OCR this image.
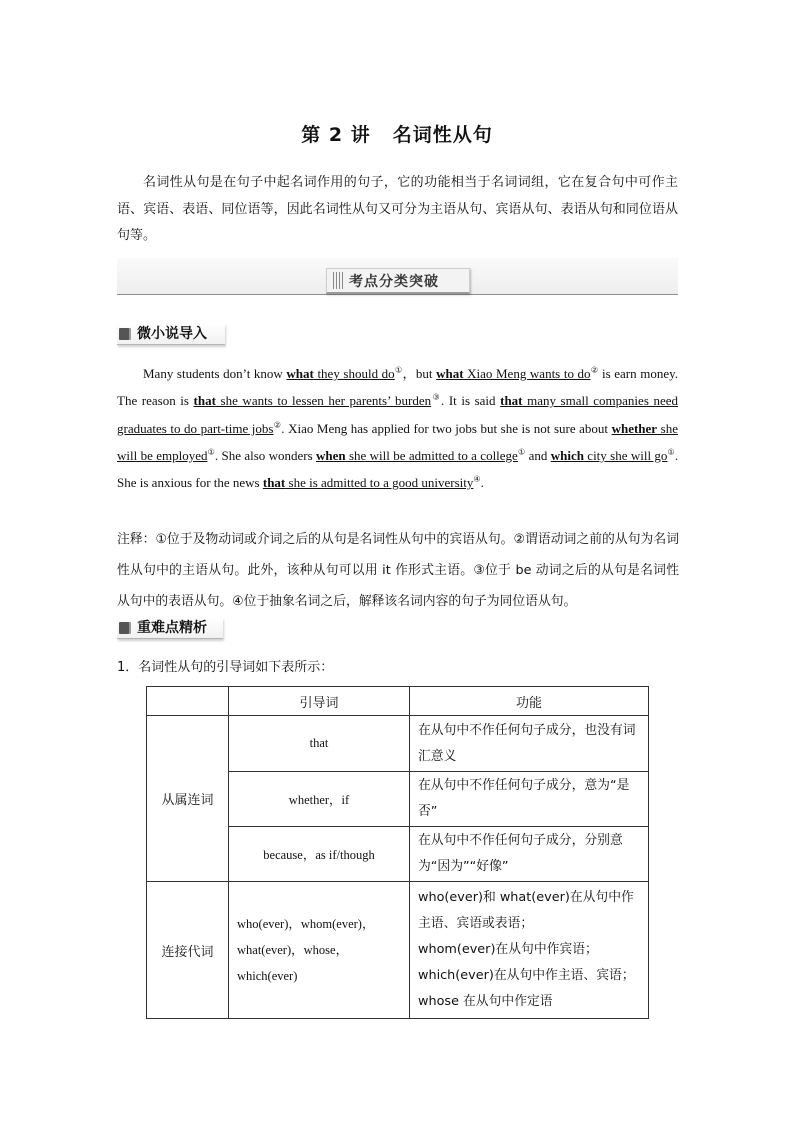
第 2 讲 名词性从句
名词性从句是在句子中起名词作用的句子，它的功能相当于名词词组，它在复合句中可作主语、宾语、表语、同位语等，因此名词性从句又可分为主语从句、宾语从句、表语从句和同位语从句等。
考点分类突破
微小说导入
Many students don’t know what they should do①，but what Xiao Meng wants to do② is earn money. The reason is that she wants to lessen her parents’ burden③. It is said that many small companies need graduates to do part-time jobs②. Xiao Meng has applied for two jobs but she is not sure about whether she will be employed①. She also wonders when she will be admitted to a college① and which city she will go①. She is anxious for the news that she is admitted to a good university④.
注释：①位于及物动词或介词之后的从句是名词性从句中的宾语从句。②谓语动词之前的从句为名词性从句中的主语从句。此外，该种从句可以用 it 作形式主语。③位于 be 动词之后的从句是名词性从句中的表语从句。④位于抽象名词之后，解释该名词内容的句子为同位语从句。
重难点精析
1．名词性从句的引导词如下表所示：
	引导词	功能
从属连词	that	在从句中不作任何句子成分，也没有词汇意义
	whether，if	在从句中不作任何句子成分，意为“是否”
	because，as if/though	在从句中不作任何句子成分，分别意为“因为”“好像”
连接代词	who(ever)，whom(ever)，what(ever)，whose，which(ever)	who(ever)和 what(ever)在从句中作主语、宾语或表语；
whom(ever)在从句中作宾语；
which(ever)在从句中作主语、宾语；
whose 在从句中作定语
